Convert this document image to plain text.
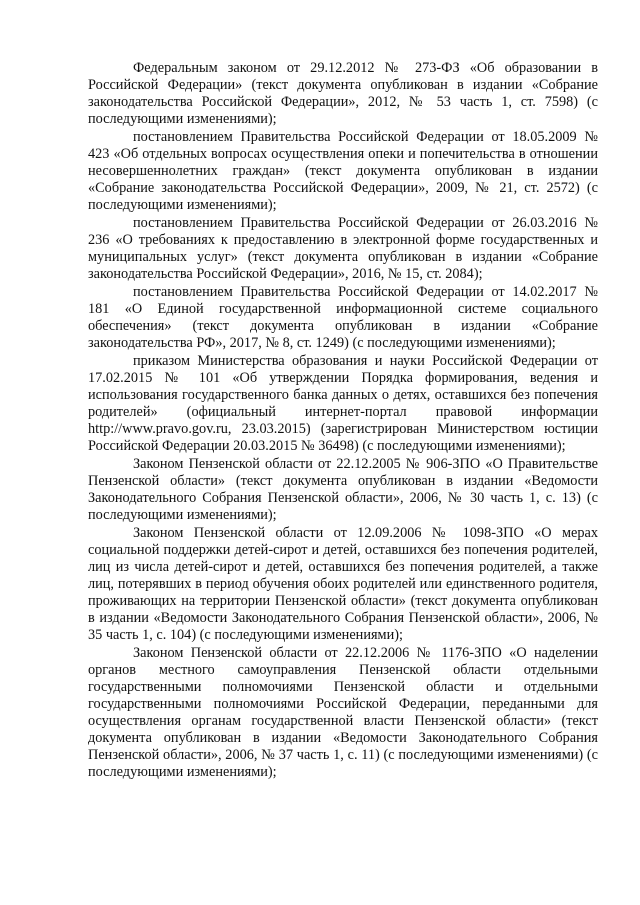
Федеральным законом от 29.12.2012 № 273-ФЗ «Об образовании в Российской Федерации» (текст документа опубликован в издании «Собрание законодательства Российской Федерации», 2012, № 53 часть 1, ст. 7598) (с последующими изменениями);

постановлением Правительства Российской Федерации от 18.05.2009 № 423 «Об отдельных вопросах осуществления опеки и попечительства в отношении несовершеннолетних граждан» (текст документа опубликован в издании «Собрание законодательства Российской Федерации», 2009, № 21, ст. 2572) (с последующими изменениями);

постановлением Правительства Российской Федерации от 26.03.2016 № 236 «О требованиях к предоставлению в электронной форме государственных и муниципальных услуг» (текст документа опубликован в издании «Собрание законодательства Российской Федерации», 2016, № 15, ст. 2084);

постановлением Правительства Российской Федерации от 14.02.2017 № 181 «О Единой государственной информационной системе социального обеспечения» (текст документа опубликован в издании «Собрание законодательства РФ», 2017, № 8, ст. 1249) (с последующими изменениями);

приказом Министерства образования и науки Российской Федерации от 17.02.2015 № 101 «Об утверждении Порядка формирования, ведения и использования государственного банка данных о детях, оставшихся без попечения родителей» (официальный интернет-портал правовой информации http://www.pravo.gov.ru, 23.03.2015) (зарегистрирован Министерством юстиции Российской Федерации 20.03.2015 № 36498) (с последующими изменениями);

Законом Пензенской области от 22.12.2005 № 906-ЗПО «О Правительстве Пензенской области» (текст документа опубликован в издании «Ведомости Законодательного Собрания Пензенской области», 2006, № 30 часть 1, с. 13) (с последующими изменениями);

Законом Пензенской области от 12.09.2006 № 1098-ЗПО «О мерах социальной поддержки детей-сирот и детей, оставшихся без попечения родителей, лиц из числа детей-сирот и детей, оставшихся без попечения родителей, а также лиц, потерявших в период обучения обоих родителей или единственного родителя, проживающих на территории Пензенской области» (текст документа опубликован в издании «Ведомости Законодательного Собрания Пензенской области», 2006, № 35 часть 1, с. 104) (с последующими изменениями);

Законом Пензенской области от 22.12.2006 № 1176-ЗПО «О наделении органов местного самоуправления Пензенской области отдельными государственными полномочиями Пензенской области и отдельными государственными полномочиями Российской Федерации, переданными для осуществления органам государственной власти Пензенской области» (текст документа опубликован в издании «Ведомости Законодательного Собрания Пензенской области», 2006, № 37 часть 1, с. 11) (с последующими изменениями) (с последующими изменениями);
